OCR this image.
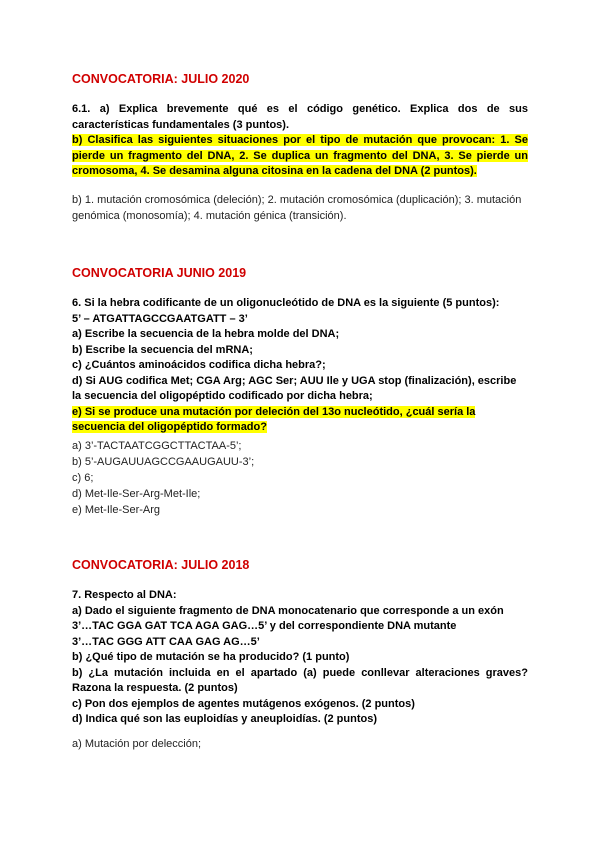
CONVOCATORIA: JULIO 2020
6.1. a) Explica brevemente qué es el código genético. Explica dos de sus características fundamentales (3 puntos).
b) Clasifica las siguientes situaciones por el tipo de mutación que provocan: 1. Se pierde un fragmento del DNA, 2. Se duplica un fragmento del DNA, 3. Se pierde un cromosoma, 4. Se desamina alguna citosina en la cadena del DNA (2 puntos).
b) 1. mutación cromosómica (deleción); 2. mutación cromosómica (duplicación); 3. mutación genómica (monosomía); 4. mutación génica (transición).
CONVOCATORIA JUNIO 2019

6. Si la hebra codificante de un oligonucleótido de DNA es la siguiente (5 puntos):

5’ – ATGATTAGCCGAATGATT – 3’

a) Escribe la secuencia de la hebra molde del DNA;

b) Escribe la secuencia del mRNA;

c) ¿Cuántos aminoácidos codifica dicha hebra?;

d) Si AUG codifica Met; CGA Arg; AGC Ser; AUU Ile y UGA stop (finalización), escribe la secuencia del oligopéptido codificado por dicha hebra;

e) Si se produce una mutación por deleción del 13o nucleótido, ¿cuál sería la secuencia del oligopéptido formado?

a) 3’-TACTAATCGGCTTACTAA-5’;

b) 5’-AUGAUUAGCCGAAUGAUU-3’;

c) 6;

d) Met-Ile-Ser-Arg-Met-Ile;

e) Met-Ile-Ser-Arg

CONVOCATORIA: JULIO 2018

7. Respecto al DNA:

a) Dado el siguiente fragmento de DNA monocatenario que corresponde a un exón

3’…TAC GGA GAT TCA AGA GAG…5’ y del correspondiente DNA mutante

3’…TAC GGG ATT CAA GAG AG…5’

b) ¿Qué tipo de mutación se ha producido? (1 punto)

b) ¿La mutación incluida en el apartado (a) puede conllevar alteraciones graves? Razona la respuesta. (2 puntos)

c) Pon dos ejemplos de agentes mutágenos exógenos. (2 puntos)

d) Indica qué son las euploidías y aneuploidías. (2 puntos)

a) Mutación por delección;
